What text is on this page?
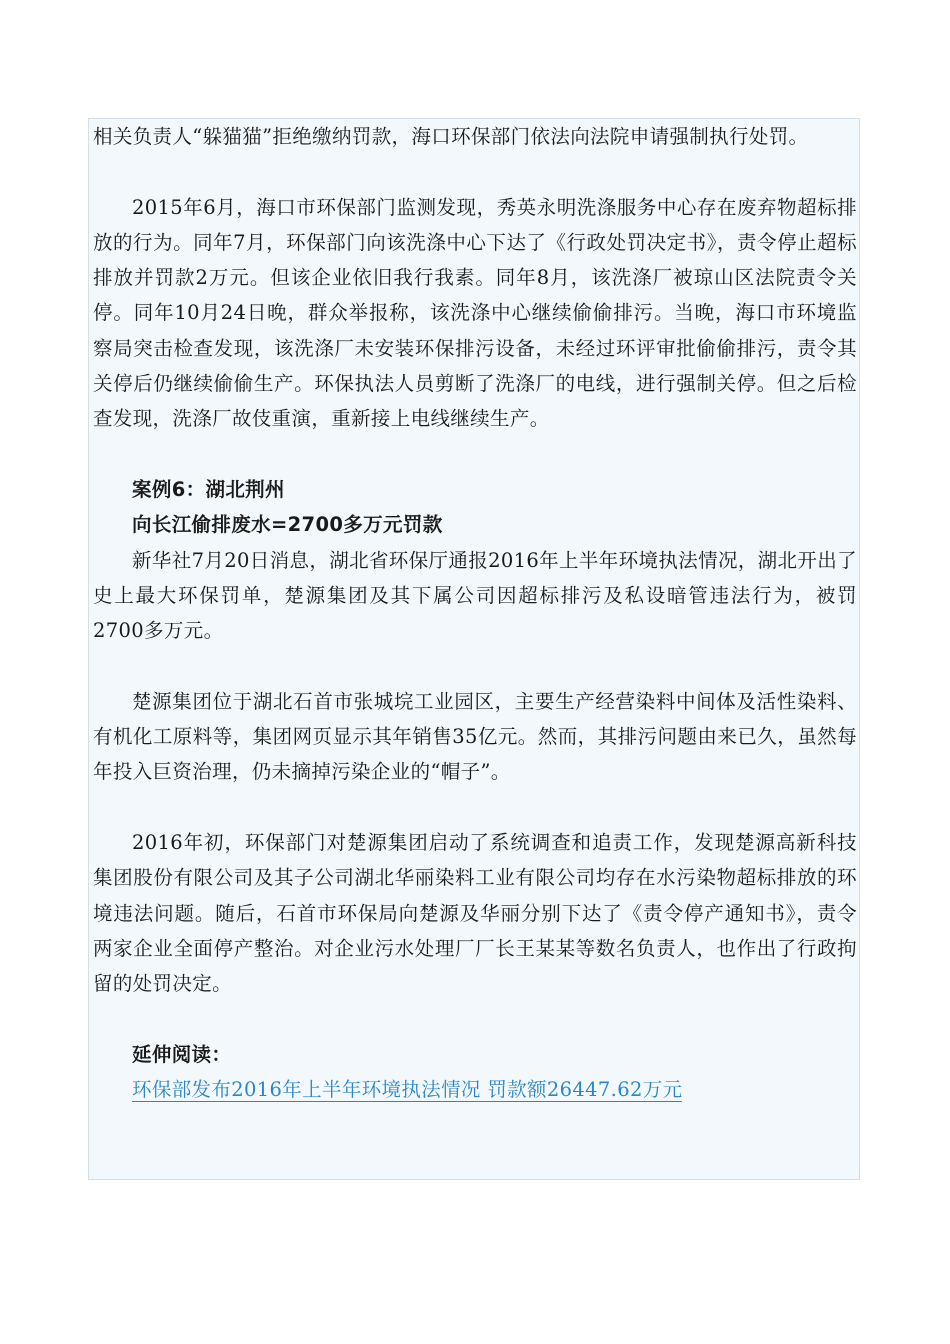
相关负责人“躲猫猫”拒绝缴纳罚款，海口环保部门依法向法院申请强制执行处罚。

2015年6月，海口市环保部门监测发现，秀英永明洗涤服务中心存在废弃物超标排放的行为。同年7月，环保部门向该洗涤中心下达了《行政处罚决定书》，责令停止超标排放并罚款2万元。但该企业依旧我行我素。同年8月，该洗涤厂被琼山区法院责令关停。同年10月24日晚，群众举报称，该洗涤中心继续偷偷排污。当晚，海口市环境监察局突击检查发现，该洗涤厂未安装环保排污设备，未经过环评审批偷偷排污，责令其关停后仍继续偷偷生产。环保执法人员剪断了洗涤厂的电线，进行强制关停。但之后检查发现，洗涤厂故伎重演，重新接上电线继续生产。

案例6：湖北荆州

向长江偷排废水=2700多万元罚款

新华社7月20日消息，湖北省环保厅通报2016年上半年环境执法情况，湖北开出了史上最大环保罚单，楚源集团及其下属公司因超标排污及私设暗管违法行为，被罚2700多万元。

楚源集团位于湖北石首市张城垸工业园区，主要生产经营染料中间体及活性染料、有机化工原料等，集团网页显示其年销售35亿元。然而，其排污问题由来已久，虽然每年投入巨资治理，仍未摘掉污染企业的“帽子”。

2016年初，环保部门对楚源集团启动了系统调查和追责工作，发现楚源高新科技集团股份有限公司及其子公司湖北华丽染料工业有限公司均存在水污染物超标排放的环境违法问题。随后，石首市环保局向楚源及华丽分别下达了《责令停产通知书》，责令两家企业全面停产整治。对企业污水处理厂厂长王某某等数名负责人，也作出了行政拘留的处罚决定。

延伸阅读：

环保部发布2016年上半年环境执法情况 罚款额26447.62万元
